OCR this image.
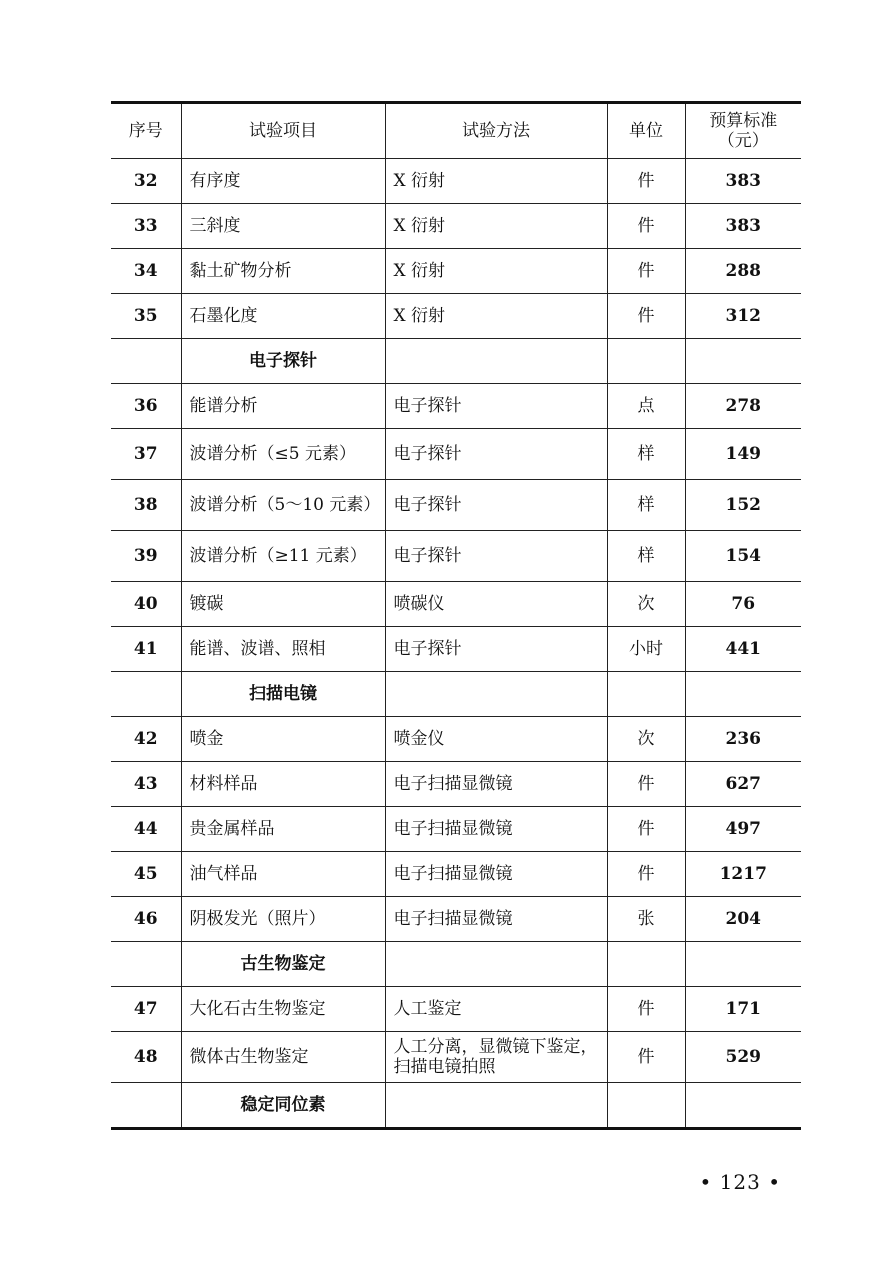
序号	试验项目	试验方法	单位	预算标准
（元）

32	有序度	X 衍射	件	383
33	三斜度	X 衍射	件	383
34	黏土矿物分析	X 衍射	件	288
35	石墨化度	X 衍射	件	312
	电子探针			
36	能谱分析	电子探针	点	278
37	波谱分析（≤5 元素）	电子探针	样	149
38	波谱分析（5～10 元素）	电子探针	样	152
39	波谱分析（≥11 元素）	电子探针	样	154
40	镀碳	喷碳仪	次	76
41	能谱、波谱、照相	电子探针	小时	441
	扫描电镜			
42	喷金	喷金仪	次	236
43	材料样品	电子扫描显微镜	件	627
44	贵金属样品	电子扫描显微镜	件	497
45	油气样品	电子扫描显微镜	件	1217
46	阴极发光（照片）	电子扫描显微镜	张	204
	古生物鉴定			
47	大化石古生物鉴定	人工鉴定	件	171
48	微体古生物鉴定	人工分离，显微镜下鉴定，扫描电镜拍照	件	529
	稳定同位素			
• 123 •
